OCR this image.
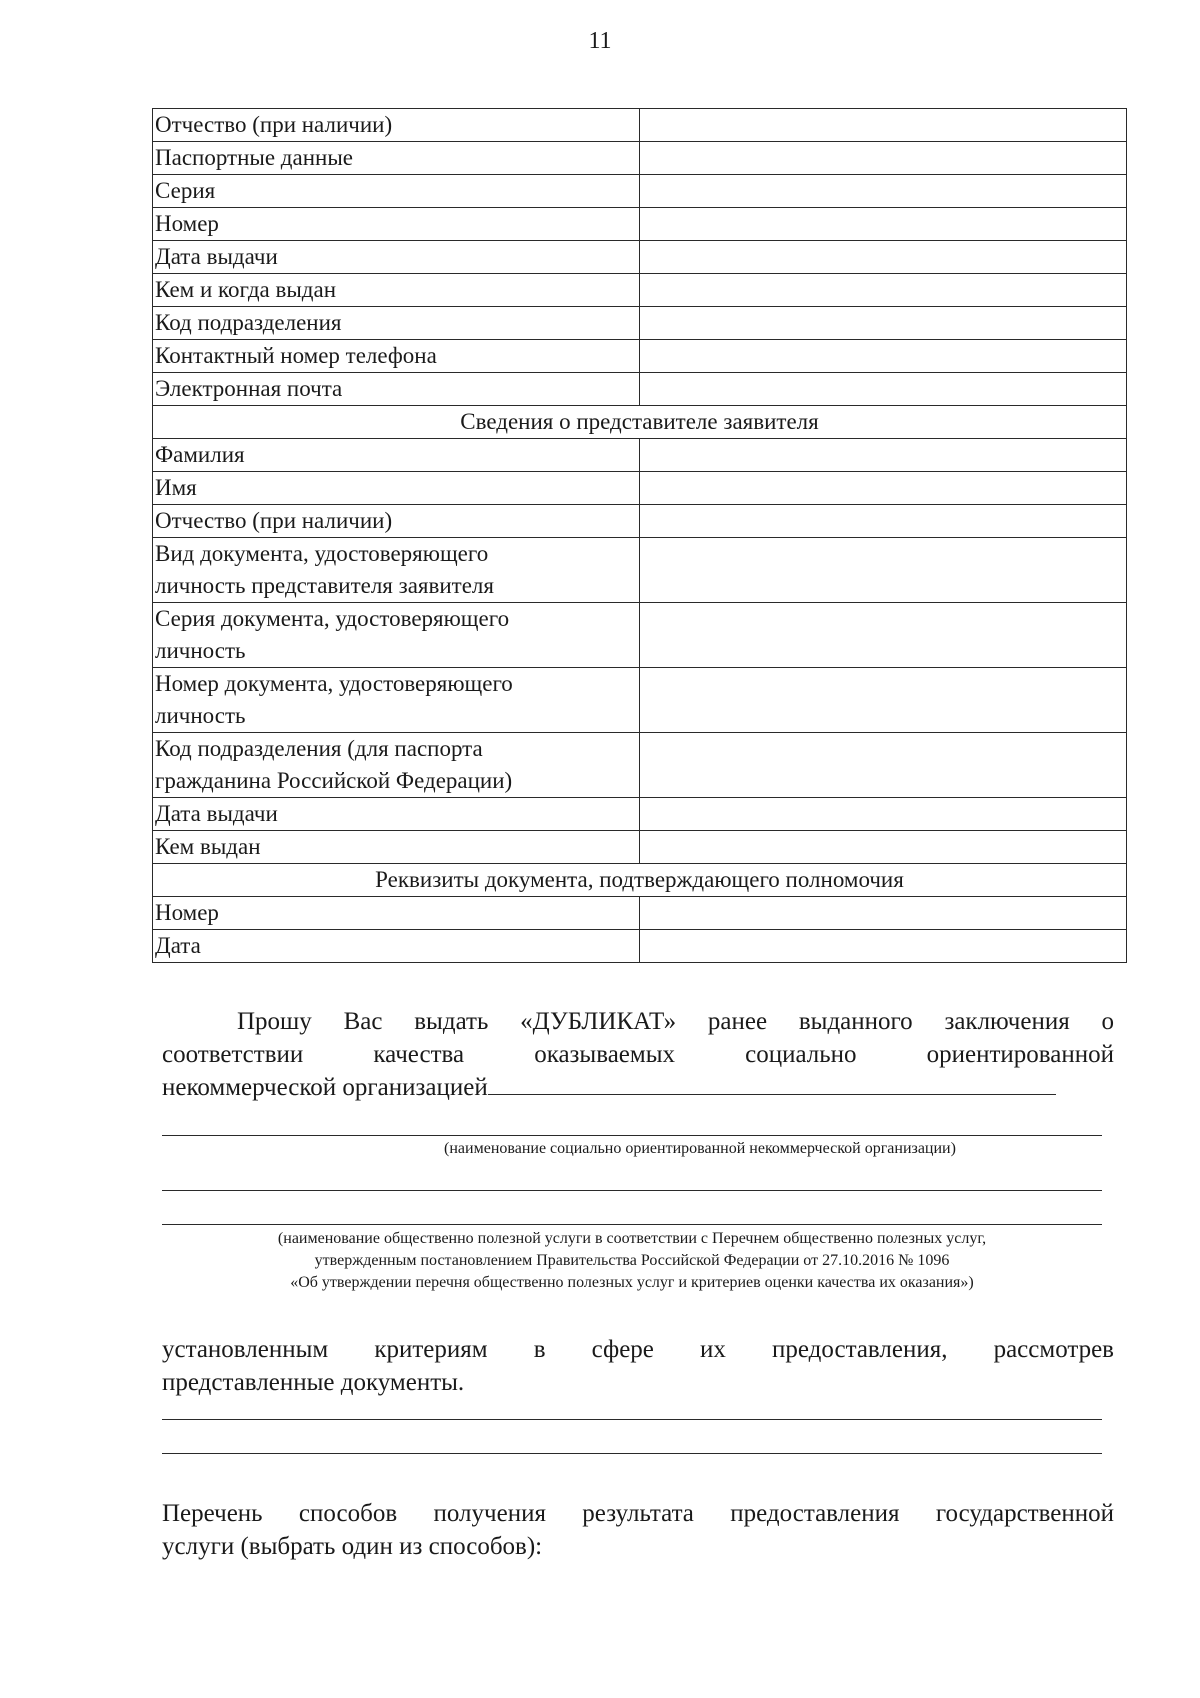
11
Отчество (при наличии)	
Паспортные данные	
Серия	
Номер	
Дата выдачи	
Кем и когда выдан	
Код подразделения	
Контактный номер телефона	
Электронная почта	
Сведения о представителе заявителя	
Фамилия	
Имя	
Отчество (при наличии)	

Вид документа, удостоверяющего
личность представителя заявителя	

Серия документа, удостоверяющего
личность	

Номер документа, удостоверяющего
личность	

Код подразделения (для паспорта
гражданина Российской Федерации)	

Дата выдачи	
Кем выдан	
Реквизиты документа, подтверждающего полномочия	
Номер	
Дата	
Прошу Вас выдать «ДУБЛИКАТ» ранее выданного заключения о
соответствии качества оказываемых социально ориентированной
некоммерческой организацией
(наименование социально ориентированной некоммерческой организации)
(наименование общественно полезной услуги в соответствии с Перечнем общественно полезных услуг,
утвержденным постановлением Правительства Российской Федерации от 27.10.2016 № 1096
«Об утверждении перечня общественно полезных услуг и критериев оценки качества их оказания»)
установленным критериям в сфере их предоставления, рассмотрев
представленные документы.
Перечень способов получения результата предоставления государственной
услуги (выбрать один из способов):
